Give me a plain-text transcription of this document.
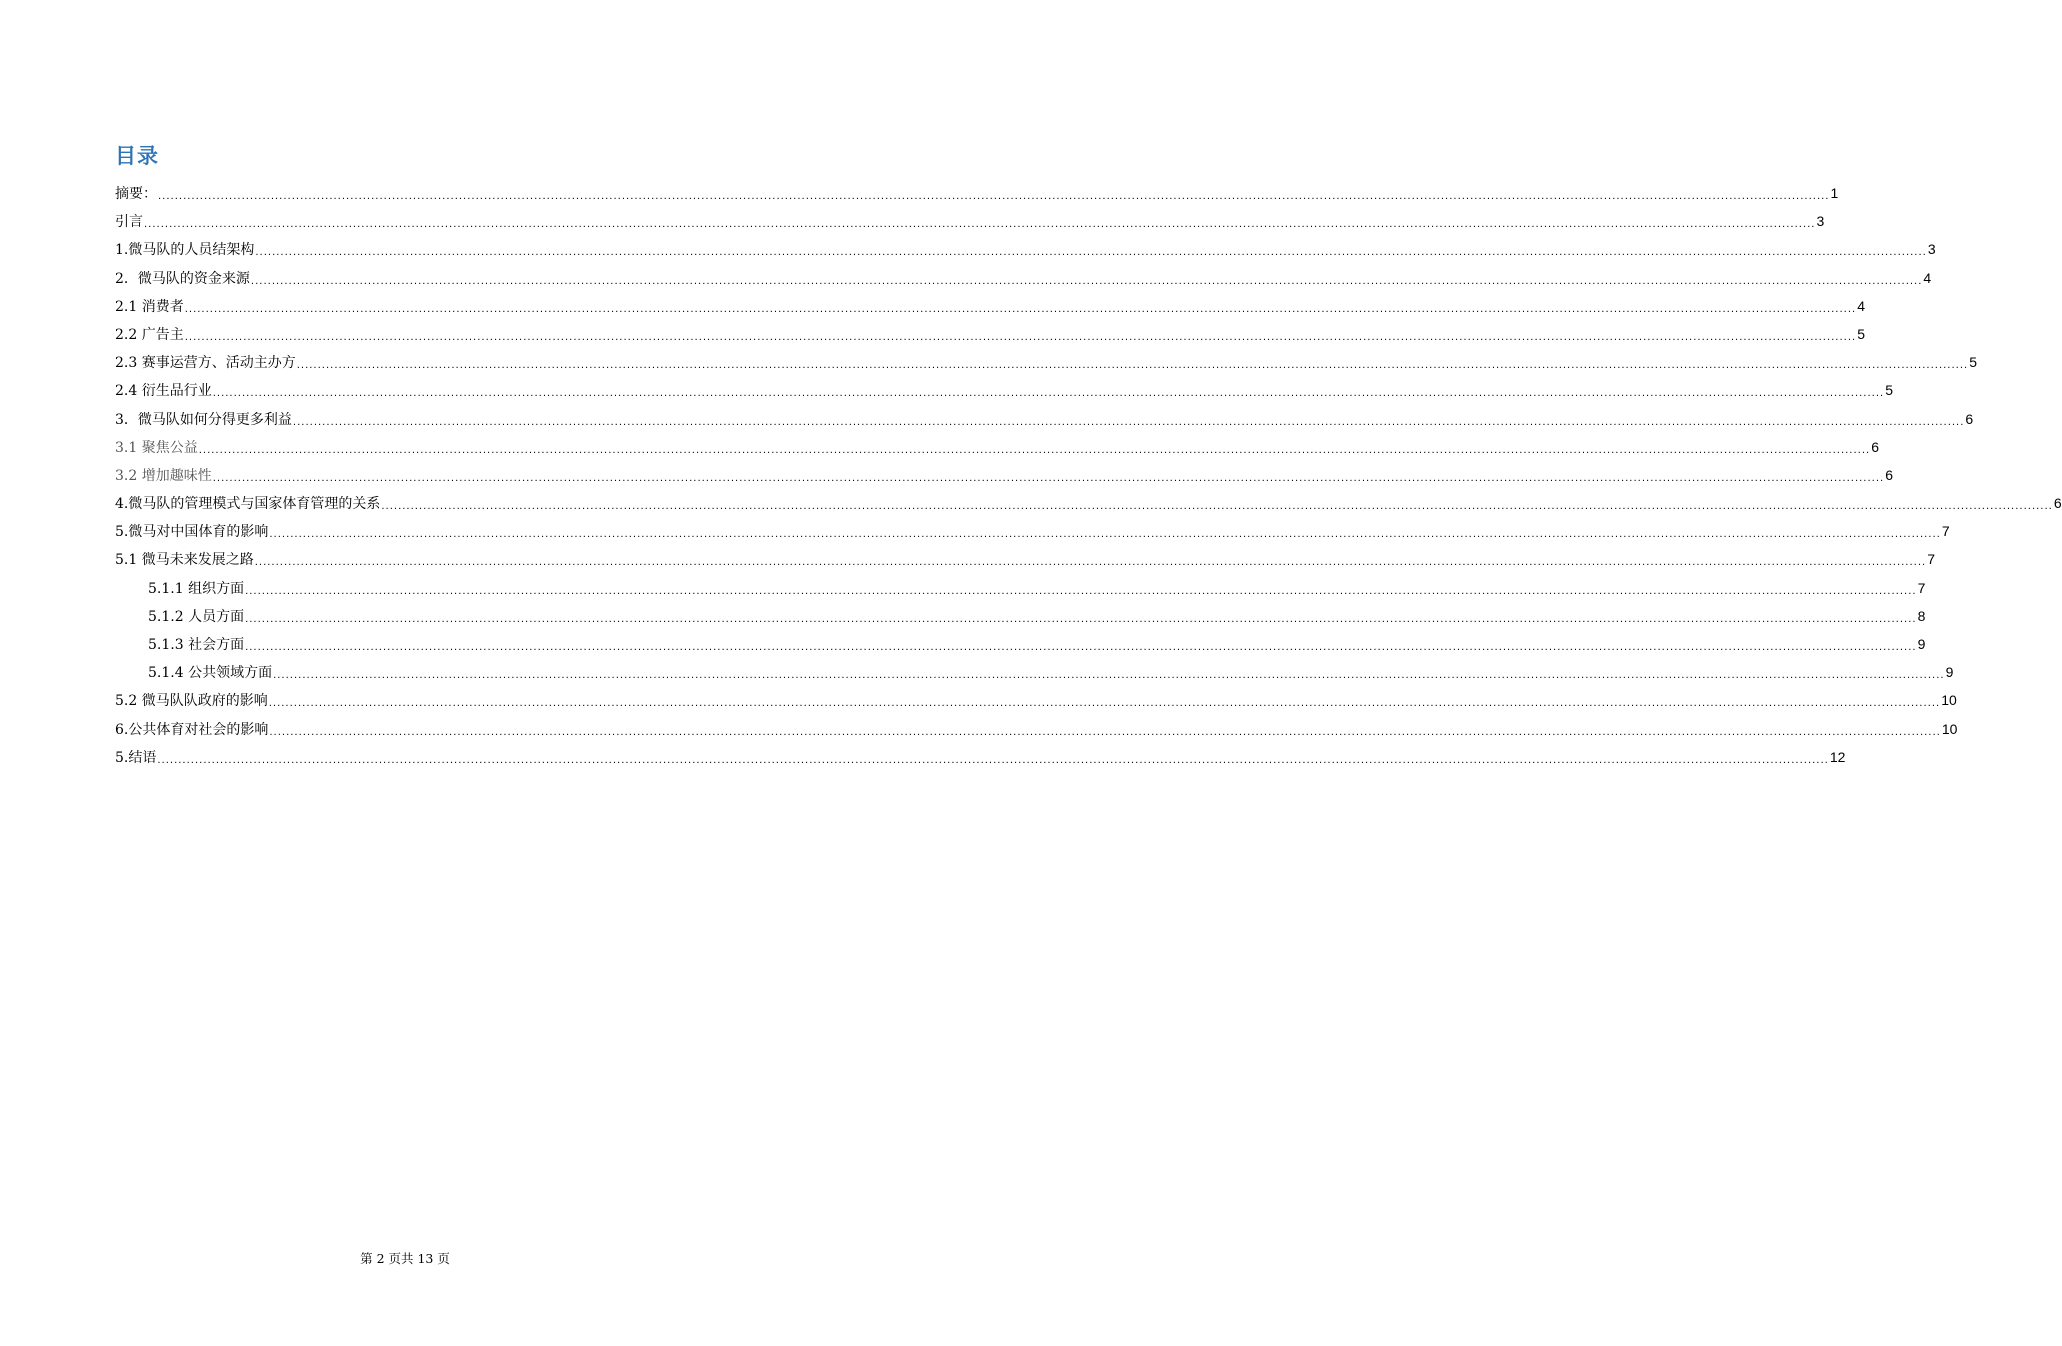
目录
摘要： ................................................................................................................................................................................................................................................................................................................................................................................................................ 1
引言 ................................................................................................................................................................................................................................................................................................................................................................................................................ 3
1.微马队的人员结架构 ................................................................................................................................................................................................................................................................................................................................................................................................................ 3
2．微马队的资金来源 ................................................................................................................................................................................................................................................................................................................................................................................................................ 4
2.1 消费者 ................................................................................................................................................................................................................................................................................................................................................................................................................ 4
2.2 广告主 ................................................................................................................................................................................................................................................................................................................................................................................................................ 5
2.3 赛事运营方、活动主办方 ................................................................................................................................................................................................................................................................................................................................................................................................................ 5
2.4 衍生品行业 ................................................................................................................................................................................................................................................................................................................................................................................................................ 5
3．微马队如何分得更多利益 ................................................................................................................................................................................................................................................................................................................................................................................................................ 6
3.1 聚焦公益 ................................................................................................................................................................................................................................................................................................................................................................................................................ 6
3.2 增加趣味性 ................................................................................................................................................................................................................................................................................................................................................................................................................ 6
4.微马队的管理模式与国家体育管理的关系 ................................................................................................................................................................................................................................................................................................................................................................................................................ 6
5.微马对中国体育的影响 ................................................................................................................................................................................................................................................................................................................................................................................................................ 7
5.1 微马未来发展之路 ................................................................................................................................................................................................................................................................................................................................................................................................................ 7
5.1.1 组织方面 ................................................................................................................................................................................................................................................................................................................................................................................................................ 7
5.1.2 人员方面 ................................................................................................................................................................................................................................................................................................................................................................................................................ 8
5.1.3 社会方面 ................................................................................................................................................................................................................................................................................................................................................................................................................ 9
5.1.4 公共领域方面 ................................................................................................................................................................................................................................................................................................................................................................................................................ 9
5.2 微马队队政府的影响 ................................................................................................................................................................................................................................................................................................................................................................................................................ 10
6.公共体育对社会的影响 ................................................................................................................................................................................................................................................................................................................................................................................................................ 10
5.结语 ................................................................................................................................................................................................................................................................................................................................................................................................................ 12
第 2 页共 13 页
